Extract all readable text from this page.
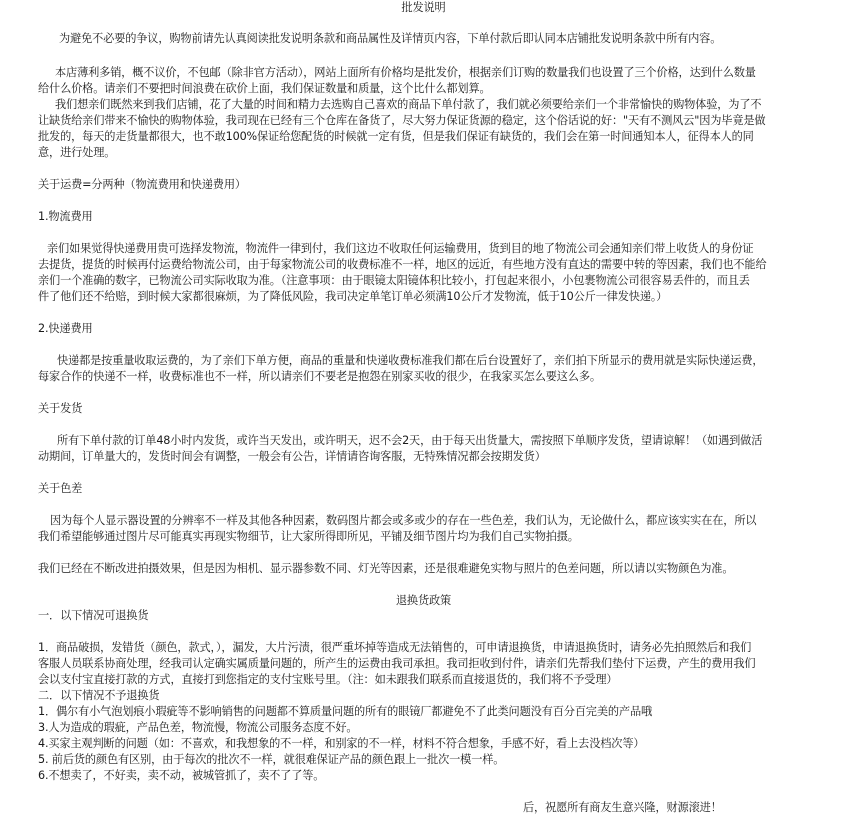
批发说明
为避免不必要的争议，购物前请先认真阅读批发说明条款和商品属性及详情页内容，下单付款后即认同本店铺批发说明条款中所有内容。
本店薄利多销，概不议价，不包邮（除非官方活动），网站上面所有价格均是批发价，根据亲们订购的数量我们也设置了三个价格，达到什么数量
给什么价格。请亲们不要把时间浪费在砍价上面，我们保证数量和质量，这个比什么都划算。
我们想亲们既然来到我们店铺，花了大量的时间和精力去选购自己喜欢的商品下单付款了，我们就必须要给亲们一个非常愉快的购物体验，为了不
让缺货给亲们带来不愉快的购物体验，我司现在已经有三个仓库在备货了，尽大努力保证货源的稳定，这个俗话说的好："天有不测风云"因为毕竟是做
批发的，每天的走货量都很大，也不敢100%保证给您配货的时候就一定有货，但是我们保证有缺货的，我们会在第一时间通知本人，征得本人的同
意，进行处理。
关于运费=分两种（物流费用和快递费用）
1.物流费用
亲们如果觉得快递费用贵可选择发物流，物流件一律到付，我们这边不收取任何运输费用，货到目的地了物流公司会通知亲们带上收货人的身份证
去提货，提货的时候再付运费给物流公司，由于每家物流公司的收费标准不一样，地区的远近，有些地方没有直达的需要中转的等因素，我们也不能给
亲们一个准确的数字，已物流公司实际收取为准。（注意事项：由于眼镜太阳镜体积比较小，打包起来很小，小包裹物流公司很容易丢件的，而且丢
件了他们还不给赔，到时候大家都很麻烦，为了降低风险，我司决定单笔订单必须满10公斤才发物流，低于10公斤一律发快递。）
2.快递费用
快递都是按重量收取运费的，为了亲们下单方便，商品的重量和快递收费标准我们都在后台设置好了，亲们拍下所显示的费用就是实际快递运费，
每家合作的快递不一样，收费标准也不一样，所以请亲们不要老是抱怨在别家买收的很少，在我家买怎么要这么多。
关于发货
所有下单付款的订单48小时内发货，或许当天发出，或许明天，迟不会2天，由于每天出货量大，需按照下单顺序发货，望请谅解！（如遇到做活
动期间，订单量大的，发货时间会有调整，一般会有公告，详情请咨询客服，无特殊情况都会按期发货）
关于色差
因为每个人显示器设置的分辨率不一样及其他各种因素，数码图片都会或多或少的存在一些色差，我们认为，无论做什么，都应该实实在在，所以
我们希望能够通过图片尽可能真实再现实物细节，让大家所得即所见，平铺及细节图片均为我们自己实物拍摄。
我们已经在不断改进拍摄效果，但是因为相机、显示器参数不同、灯光等因素，还是很难避免实物与照片的色差问题，所以请以实物颜色为准。
退换货政策
一．以下情况可退换货
1．商品破损，发错货（颜色，款式，），漏发，大片污渍，很严重坏掉等造成无法销售的，可申请退换货，申请退换货时，请务必先拍照然后和我们
客服人员联系协商处理，经我司认定确实属质量问题的，所产生的运费由我司承担。我司拒收到付件，请亲们先帮我们垫付下运费，产生的费用我们
会以支付宝直接打款的方式，直接打到您指定的支付宝账号里。（注：如未跟我们联系而直接退货的，我们将不予受理）
二．以下情况不予退换货
1．偶尔有小气泡划痕小瑕疵等不影响销售的问题都不算质量问题的所有的眼镜厂都避免不了此类问题没有百分百完美的产品哦
3.人为造成的瑕疵，产品色差，物流慢，物流公司服务态度不好。
4.买家主观判断的问题（如：不喜欢，和我想象的不一样，和别家的不一样，材料不符合想象，手感不好，看上去没档次等）
5. 前后货的颜色有区别，由于每次的批次不一样，就很难保证产品的颜色跟上一批次一模一样。
6.不想卖了，不好卖，卖不动，被城管抓了，卖不了了等。
后，祝愿所有商友生意兴隆，财源滚进！
